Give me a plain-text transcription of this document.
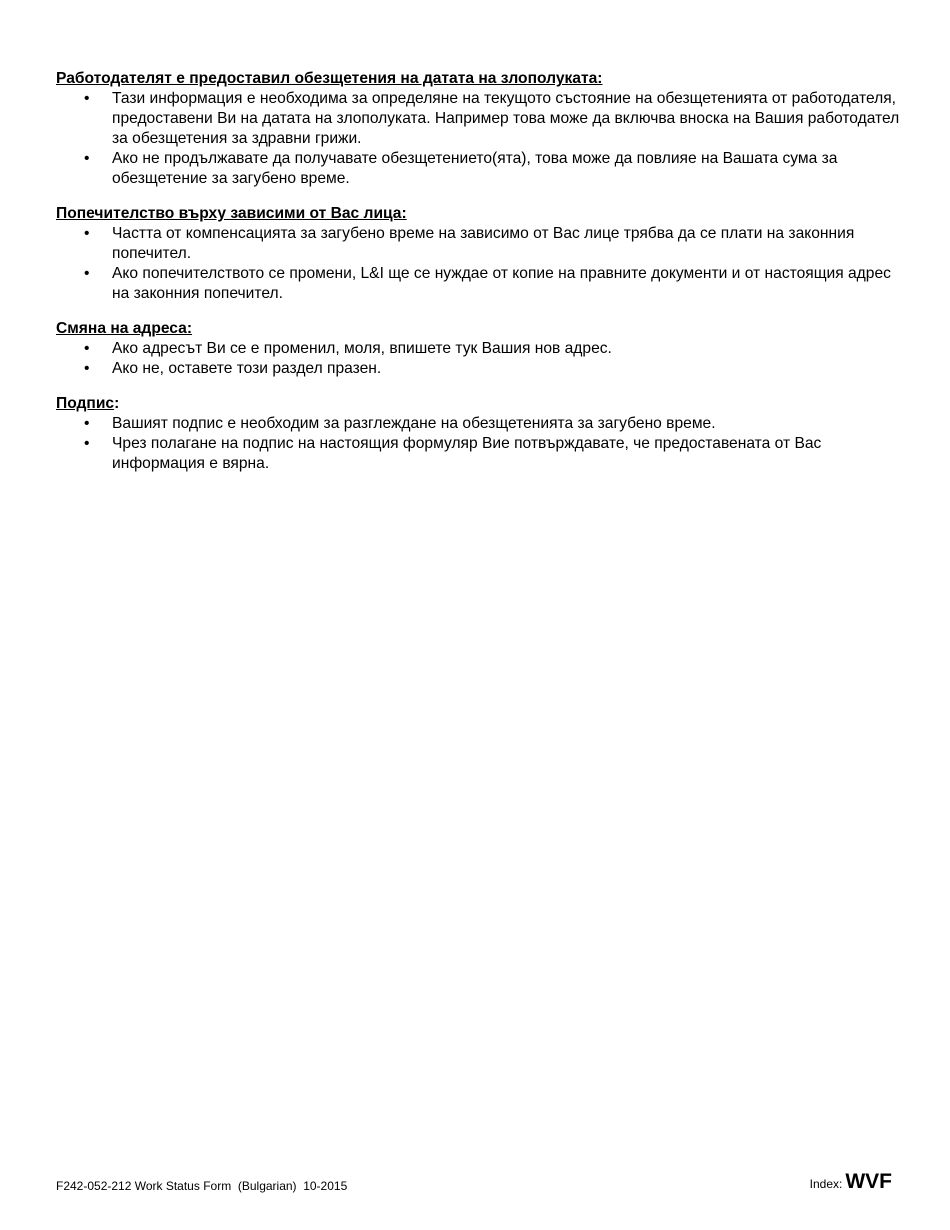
Работодателят е предоставил обезщетения на датата на злополуката:

• Тази информация е необходима за определяне на текущото състояние на обезщетенията от работодателя, предоставени Ви на датата на злополуката. Например това може да включва вноска на Вашия работодател за обезщетения за здравни грижи.
• Ако не продължавате да получавате обезщетението(ята), това може да повлияе на Вашата сума за обезщетение за загубено време.

Попечителство върху зависими от Вас лица:

• Частта от компенсацията за загубено време на зависимо от Вас лице трябва да се плати на законния попечител.
• Ако попечителството се промени, L&I ще се нуждае от копие на правните документи и от настоящия адрес на законния попечител.

Смяна на адреса:

• Ако адресът Ви се е променил, моля, впишете тук Вашия нов адрес.
• Ако не, оставете този раздел празен.

Подпис:

• Вашият подпис е необходим за разглеждане на обезщетенията за загубено време.
• Чрез полагане на подпис на настоящия формуляр Вие потвърждавате, че предоставената от Вас информация е вярна.
F242-052-212 Work Status Form  (Bulgarian)  10-2015	Index: WVF
